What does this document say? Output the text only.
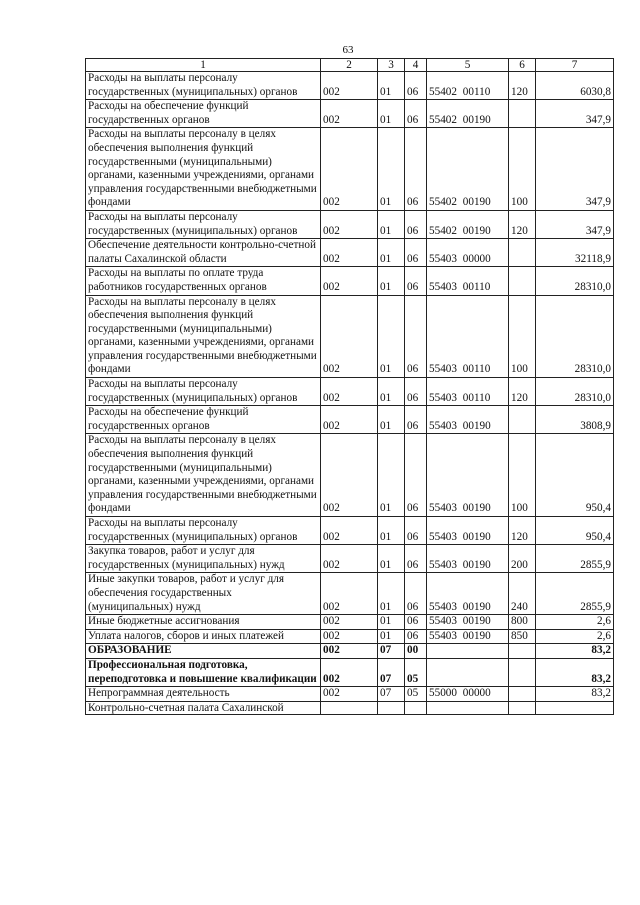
63
1	2	3	4	5	6	7
Расходы на выплаты персоналу государственных (муниципальных) органов	002	01	06	55402 00110	120	6030,8
Расходы на обеспечение функций государственных органов	002	01	06	55402 00190		347,9
Расходы на выплаты персоналу в целях обеспечения выполнения функций государственными (муниципальными) органами, казенными учреждениями, органами управления государственными внебюджетными фондами	002	01	06	55402 00190	100	347,9
Расходы на выплаты персоналу государственных (муниципальных) органов	002	01	06	55402 00190	120	347,9
Обеспечение деятельности контрольно-счетной палаты Сахалинской области	002	01	06	55403 00000		32118,9
Расходы на выплаты по оплате труда работников государственных органов	002	01	06	55403 00110		28310,0
Расходы на выплаты персоналу в целях обеспечения выполнения функций государственными (муниципальными) органами, казенными учреждениями, органами управления государственными внебюджетными фондами	002	01	06	55403 00110	100	28310,0
Расходы на выплаты персоналу государственных (муниципальных) органов	002	01	06	55403 00110	120	28310,0
Расходы на обеспечение функций государственных органов	002	01	06	55403 00190		3808,9
Расходы на выплаты персоналу в целях обеспечения выполнения функций государственными (муниципальными) органами, казенными учреждениями, органами управления государственными внебюджетными фондами	002	01	06	55403 00190	100	950,4
Расходы на выплаты персоналу государственных (муниципальных) органов	002	01	06	55403 00190	120	950,4
Закупка товаров, работ и услуг для государственных (муниципальных) нужд	002	01	06	55403 00190	200	2855,9
Иные закупки товаров, работ и услуг для обеспечения государственных (муниципальных) нужд	002	01	06	55403 00190	240	2855,9
Иные бюджетные ассигнования	002	01	06	55403 00190	800	2,6
Уплата налогов, сборов и иных платежей	002	01	06	55403 00190	850	2,6
ОБРАЗОВАНИЕ	002	07	00			83,2
Профессиональная подготовка, переподготовка и повышение квалификации	002	07	05			83,2
Непрограммная деятельность	002	07	05	55000 00000		83,2
Контрольно-счетная палата Сахалинской						
